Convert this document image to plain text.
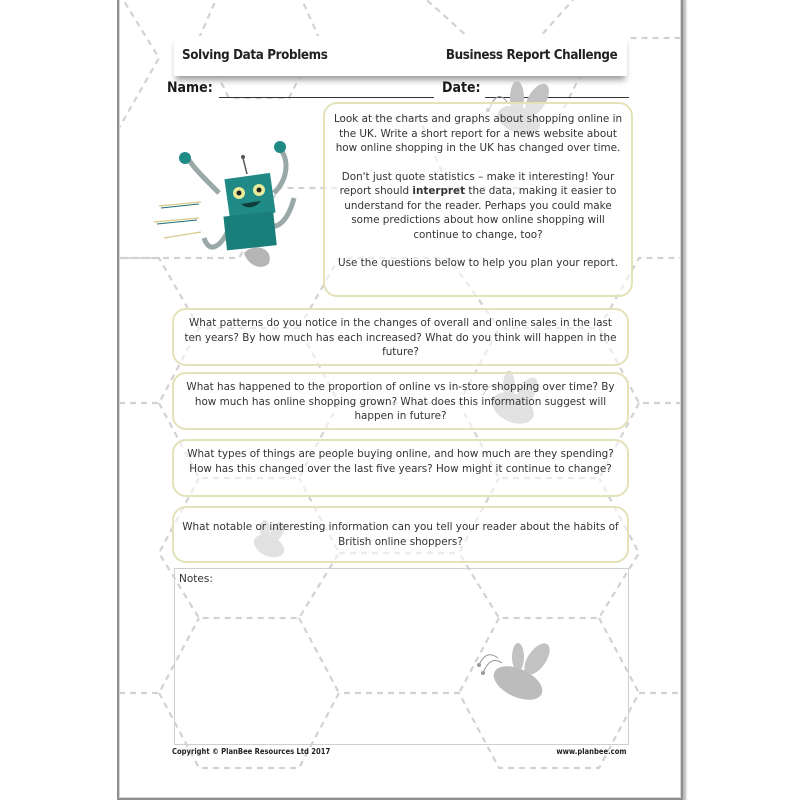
Solving Data Problems	Business Report Challenge
Name:	Date:

Look at the charts and graphs about shopping online in the UK. Write a short report for a news website about how online shopping in the UK has changed over time.

Don't just quote statistics – make it interesting! Your report should interpret the data, making it easier to understand for the reader. Perhaps you could make some predictions about how online shopping will continue to change, too?

Use the questions below to help you plan your report.

What patterns do you notice in the changes of overall and online sales in the last ten years? By how much has each increased? What do you think will happen in the future?
What has happened to the proportion of online vs in-store shopping over time? By how much has online shopping grown? What does this information suggest will happen in future?
What types of things are people buying online, and how much are they spending? How has this changed over the last five years? How might it continue to change?
What notable or interesting information can you tell your reader about the habits of British online shoppers?
Notes:
Copyright © PlanBee Resources Ltd 2017	www.planbee.com
